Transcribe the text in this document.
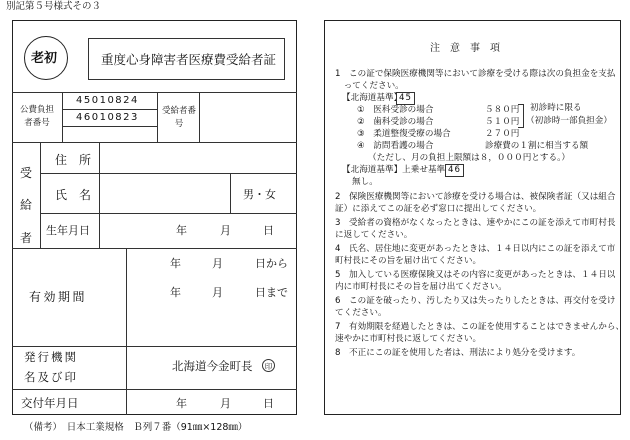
別記第５号様式その３
老初	重度心身障害者医療費受給者証
公費負担者番号
45010824
46010823
受給者番号
受給者
住　所
氏　名	男・女
生年月日	年	月	日
有効期間
年	月	日から
年	月	日まで
発行機関
名及び印
北海道今金町長	印
交付年月日	年	月	日
（備考）　日本工業規格　Ｂ列７番（91㎜×128㎜）
注　意　事　項
1　この証で保険医療機関等において診療を受ける際は次の負担金を支払
　ってください。
【北海道基準】
45
①　医科受診の場合	５８０円
②　歯科受診の場合	５１０円
③　柔道整復受療の場合	２７０円
初診時に限る
（初診時一部負担金）
④　訪問看護の場合	診療費の１割に相当する額
（ただし、月の負担上限額は８，０００円とする。）
【北海道基準】上乗せ基準 46
無し。
2　保険医療機関等において診療を受ける場合は、被保険者証（又は組合
証）に添えてこの証を必ず窓口に提出してください。
3　受給者の資格がなくなったときは、速やかにこの証を添えて市町村長
に返してください。
4　氏名、居住地に変更があったときは、１４日以内にこの証を添えて市
町村長にその旨を届け出てください。
5　加入している医療保険又はその内容に変更があったときは、１４日以
内に市町村長にその旨を届け出てください。
6　この証を破ったり、汚したり又は失ったりしたときは、再交付を受け
てください。
7　有効期限を経過したときは、この証を使用することはできませんから、
速やかに市町村長に返してください。
8　不正にこの証を使用した者は、刑法により処分を受けます。
